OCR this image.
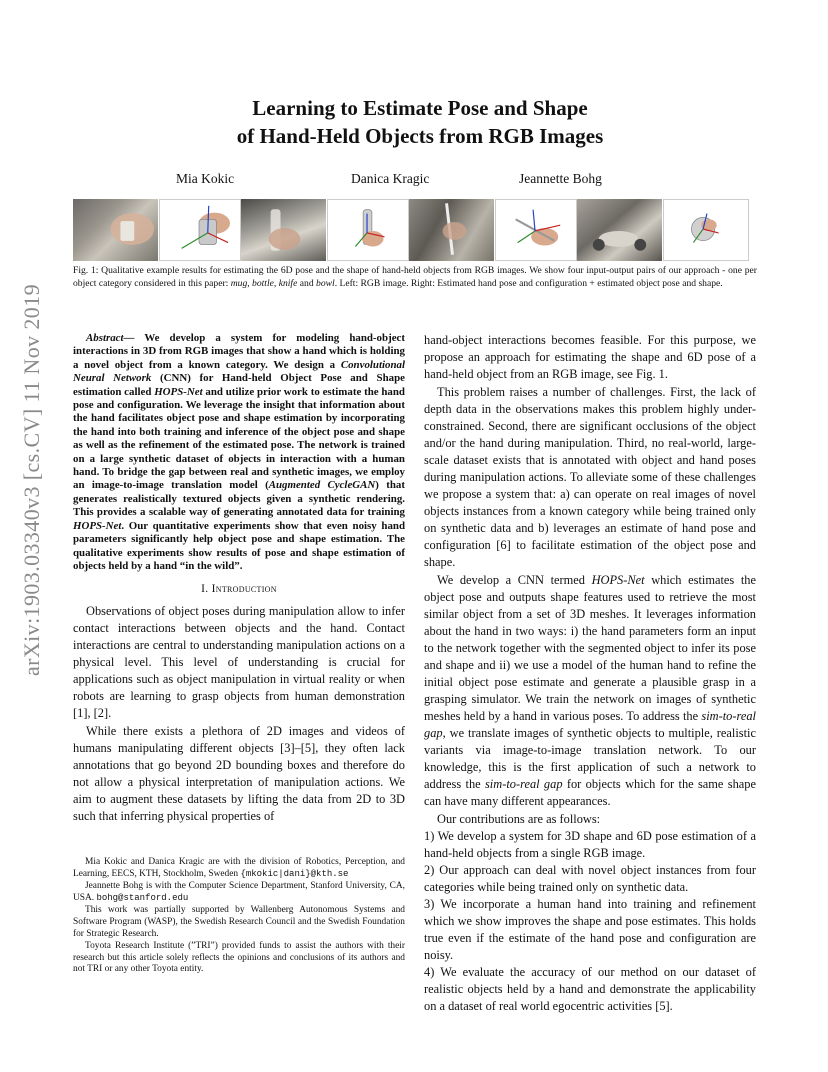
arXiv:1903.03340v3 [cs.CV] 11 Nov 2019
Learning to Estimate Pose and Shape
of Hand-Held Objects from RGB Images
Mia Kokic	Danica Kragic	Jeannette Bohg
Fig. 1: Qualitative example results for estimating the 6D pose and the shape of hand-held objects from RGB images. We show four input-output pairs of our approach - one per object category considered in this paper: mug, bottle, knife and bowl. Left: RGB image. Right: Estimated hand pose and configuration + estimated object pose and shape.
Abstract— We develop a system for modeling hand-object interactions in 3D from RGB images that show a hand which is holding a novel object from a known category. We design a Convolutional Neural Network (CNN) for Hand-held Object Pose and Shape estimation called HOPS-Net and utilize prior work to estimate the hand pose and configuration. We leverage the insight that information about the hand facilitates object pose and shape estimation by incorporating the hand into both training and inference of the object pose and shape as well as the refinement of the estimated pose. The network is trained on a large synthetic dataset of objects in interaction with a human hand. To bridge the gap between real and synthetic images, we employ an image-to-image translation model (Augmented CycleGAN) that generates realistically textured objects given a synthetic rendering. This provides a scalable way of generating annotated data for training HOPS-Net. Our quantitative experiments show that even noisy hand parameters significantly help object pose and shape estimation. The qualitative experiments show results of pose and shape estimation of objects held by a hand “in the wild”.
I. Introduction

Observations of object poses during manipulation allow to infer contact interactions between objects and the hand. Contact interactions are central to understanding manipulation actions on a physical level. This level of understanding is crucial for applications such as object manipulation in virtual reality or when robots are learning to grasp objects from human demonstration [1], [2].

While there exists a plethora of 2D images and videos of humans manipulating different objects [3]–[5], they often lack annotations that go beyond 2D bounding boxes and therefore do not allow a physical interpretation of manipulation actions. We aim to augment these datasets by lifting the data from 2D to 3D such that inferring physical properties of

Mia Kokic and Danica Kragic are with the division of Robotics, Perception, and Learning, EECS, KTH, Stockholm, Sweden {mkokic|dani}@kth.se

Jeannette Bohg is with the Computer Science Department, Stanford University, CA, USA. bohg@stanford.edu

This work was partially supported by Wallenberg Autonomous Systems and Software Program (WASP), the Swedish Research Council and the Swedish Foundation for Strategic Research.

Toyota Research Institute (”TRI”) provided funds to assist the authors with their research but this article solely reflects the opinions and conclusions of its authors and not TRI or any other Toyota entity.

hand-object interactions becomes feasible. For this purpose, we propose an approach for estimating the shape and 6D pose of a hand-held object from an RGB image, see Fig. 1.

This problem raises a number of challenges. First, the lack of depth data in the observations makes this problem highly under-constrained. Second, there are significant occlusions of the object and/or the hand during manipulation. Third, no real-world, large-scale dataset exists that is annotated with object and hand poses during manipulation actions. To alleviate some of these challenges we propose a system that: a) can operate on real images of novel objects instances from a known category while being trained only on synthetic data and b) leverages an estimate of hand pose and configuration [6] to facilitate estimation of the object pose and shape.

We develop a CNN termed HOPS-Net which estimates the object pose and outputs shape features used to retrieve the most similar object from a set of 3D meshes. It leverages information about the hand in two ways: i) the hand parameters form an input to the network together with the segmented object to infer its pose and shape and ii) we use a model of the human hand to refine the initial object pose estimate and generate a plausible grasp in a grasping simulator. We train the network on images of synthetic meshes held by a hand in various poses. To address the sim-to-real gap, we translate images of synthetic objects to multiple, realistic variants via image-to-image translation network. To our knowledge, this is the first application of such a network to address the sim-to-real gap for objects which for the same shape can have many different appearances.

Our contributions are as follows:

1) We develop a system for 3D shape and 6D pose estimation of a hand-held objects from a single RGB image.
2) Our approach can deal with novel object instances from four categories while being trained only on synthetic data.
3) We incorporate a human hand into training and refinement which we show improves the shape and pose estimates. This holds true even if the estimate of the hand pose and configuration are noisy.
4) We evaluate the accuracy of our method on our dataset of realistic objects held by a hand and demonstrate the applicability on a dataset of real world egocentric activities [5].
